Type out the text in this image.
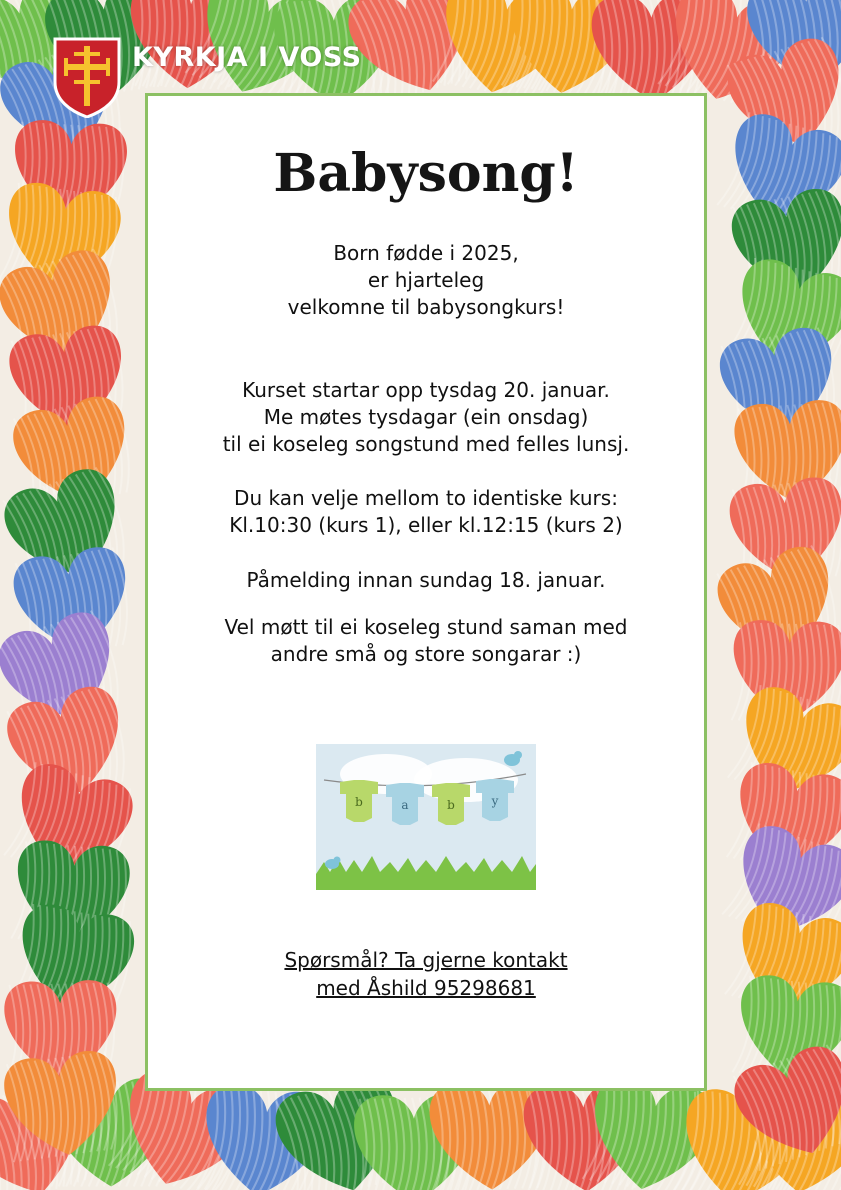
KYRKJA I VOSS
Babysong!

Born fødde i 2025,
er hjarteleg
velkomne til babysongkurs!

Kurset startar opp tysdag 20. januar.
Me møtes tysdagar (ein onsdag)
til ei koseleg songstund med felles lunsj.

Du kan velje mellom to identiske kurs:
Kl.10:30 (kurs 1), eller kl.12:15 (kurs 2)

Påmelding innan sundag 18. januar.

Vel møtt til ei koseleg stund saman med
andre små og store songarar :)

b	a	b	y

Spørsmål? Ta gjerne kontakt
med Åshild 95298681
